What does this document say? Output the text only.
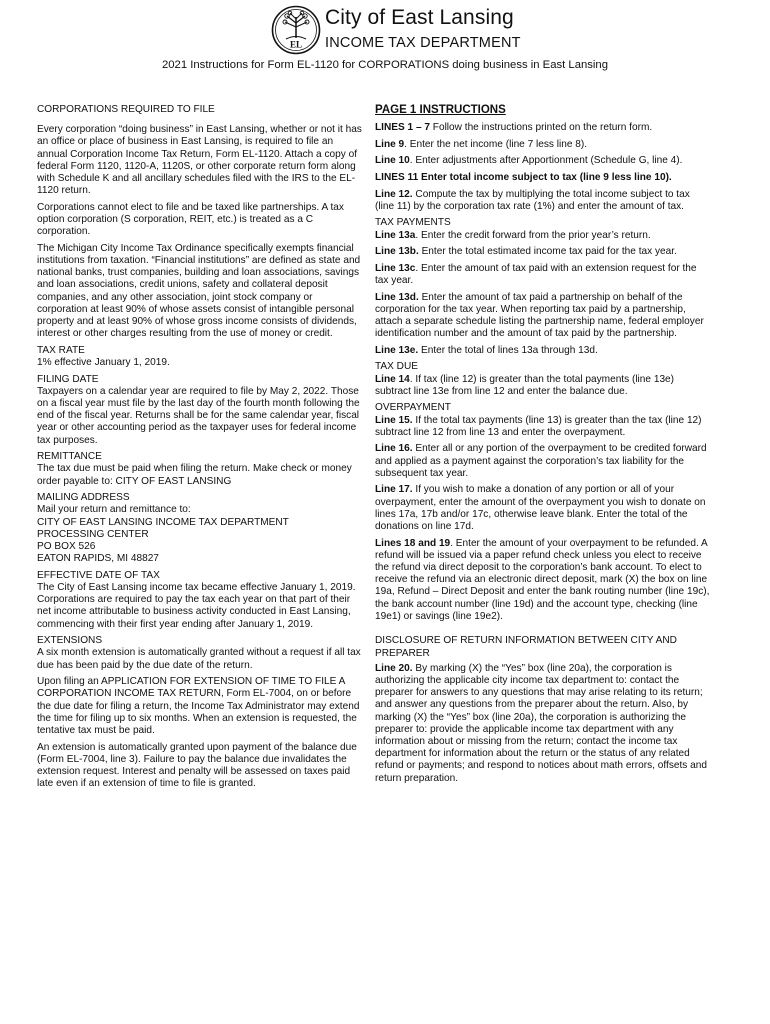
EL
City of East Lansing
INCOME TAX DEPARTMENT
2021 Instructions for Form EL-1120 for CORPORATIONS doing business in East Lansing

CORPORATIONS REQUIRED TO FILE

Every corporation “doing business” in East Lansing, whether or not it has an office or place of business in East Lansing, is required to file an annual Corporation Income Tax Return, Form EL-1120. Attach a copy of federal Form 1120, 1120-A, 1120S, or other corporate return form along with Schedule K and all ancillary schedules filed with the IRS to the EL-1120 return.

Corporations cannot elect to file and be taxed like partnerships. A tax option corporation (S corporation, REIT, etc.) is treated as a C corporation.

The Michigan City Income Tax Ordinance specifically exempts financial institutions from taxation. “Financial institutions” are defined as state and national banks, trust companies, building and loan associations, savings and loan associations, credit unions, safety and collateral deposit companies, and any other association, joint stock company or corporation at least 90% of whose assets consist of intangible personal property and at least 90% of whose gross income consists of dividends, interest or other charges resulting from the use of money or credit.

TAX RATE

1% effective January 1, 2019.

FILING DATE

Taxpayers on a calendar year are required to file by May 2, 2022. Those on a fiscal year must file by the last day of the fourth month following the end of the fiscal year. Returns shall be for the same calendar year, fiscal year or other accounting period as the taxpayer uses for federal income tax purposes.

REMITTANCE

The tax due must be paid when filing the return. Make check or money

order payable to: CITY OF EAST LANSING

MAILING ADDRESS

Mail your return and remittance to:

CITY OF EAST LANSING INCOME TAX DEPARTMENT

PROCESSING CENTER

PO BOX 526

EATON RAPIDS, MI 48827

EFFECTIVE DATE OF TAX

The City of East Lansing income tax became effective January 1, 2019. Corporations are required to pay the tax each year on that part of their net income attributable to business activity conducted in East Lansing, commencing with their first year ending after January 1, 2019.

EXTENSIONS

A six month extension is automatically granted without a request if all tax due has been paid by the due date of the return.

Upon filing an APPLICATION FOR EXTENSION OF TIME TO FILE A CORPORATION INCOME TAX RETURN, Form EL-7004, on or before the due date for filing a return, the Income Tax Administrator may extend the time for filing up to six months. When an extension is requested, the tentative tax must be paid.

An extension is automatically granted upon payment of the balance due (Form EL-7004, line 3). Failure to pay the balance due invalidates the extension request. Interest and penalty will be assessed on taxes paid late even if an extension of time to file is granted.

PAGE 1 INSTRUCTIONS

LINES 1 – 7 Follow the instructions printed on the return form.

Line 9. Enter the net income (line 7 less line 8).

Line 10. Enter adjustments after Apportionment (Schedule G, line 4).

LINES 11 Enter total income subject to tax (line 9 less line 10).

Line 12. Compute the tax by multiplying the total income subject to tax (line 11) by the corporation tax rate (1%) and enter the amount of tax.

TAX PAYMENTS

Line 13a. Enter the credit forward from the prior year’s return.

Line 13b. Enter the total estimated income tax paid for the tax year.

Line 13c. Enter the amount of tax paid with an extension request for the tax year.

Line 13d. Enter the amount of tax paid a partnership on behalf of the corporation for the tax year. When reporting tax paid by a partnership, attach a separate schedule listing the partnership name, federal employer identification number and the amount of tax paid by the partnership.

Line 13e. Enter the total of lines 13a through 13d.

TAX DUE

Line 14. If tax (line 12) is greater than the total payments (line 13e) subtract line 13e from line 12 and enter the balance due.

OVERPAYMENT

Line 15. If the total tax payments (line 13) is greater than the tax (line 12) subtract line 12 from line 13 and enter the overpayment.

Line 16. Enter all or any portion of the overpayment to be credited forward and applied as a payment against the corporation’s tax liability for the subsequent tax year.

Line 17. If you wish to make a donation of any portion or all of your overpayment, enter the amount of the overpayment you wish to donate on lines 17a, 17b and/or 17c, otherwise leave blank. Enter the total of the donations on line 17d.

Lines 18 and 19. Enter the amount of your overpayment to be refunded. A refund will be issued via a paper refund check unless you elect to receive the refund via direct deposit to the corporation’s bank account. To elect to receive the refund via an electronic direct deposit, mark (X) the box on line 19a, Refund – Direct Deposit and enter the bank routing number (line 19c), the bank account number (line 19d) and the account type, checking (line 19e1) or savings (line 19e2).

DISCLOSURE OF RETURN INFORMATION BETWEEN CITY AND PREPARER

Line 20. By marking (X) the “Yes” box (line 20a), the corporation is authorizing the applicable city income tax department to: contact the preparer for answers to any questions that may arise relating to its return; and answer any questions from the preparer about the return. Also, by marking (X) the “Yes” box (line 20a), the corporation is authorizing the preparer to: provide the applicable income tax department with any information about or missing from the return; contact the income tax department for information about the return or the status of any related refund or payments; and respond to notices about math errors, offsets and return preparation.
